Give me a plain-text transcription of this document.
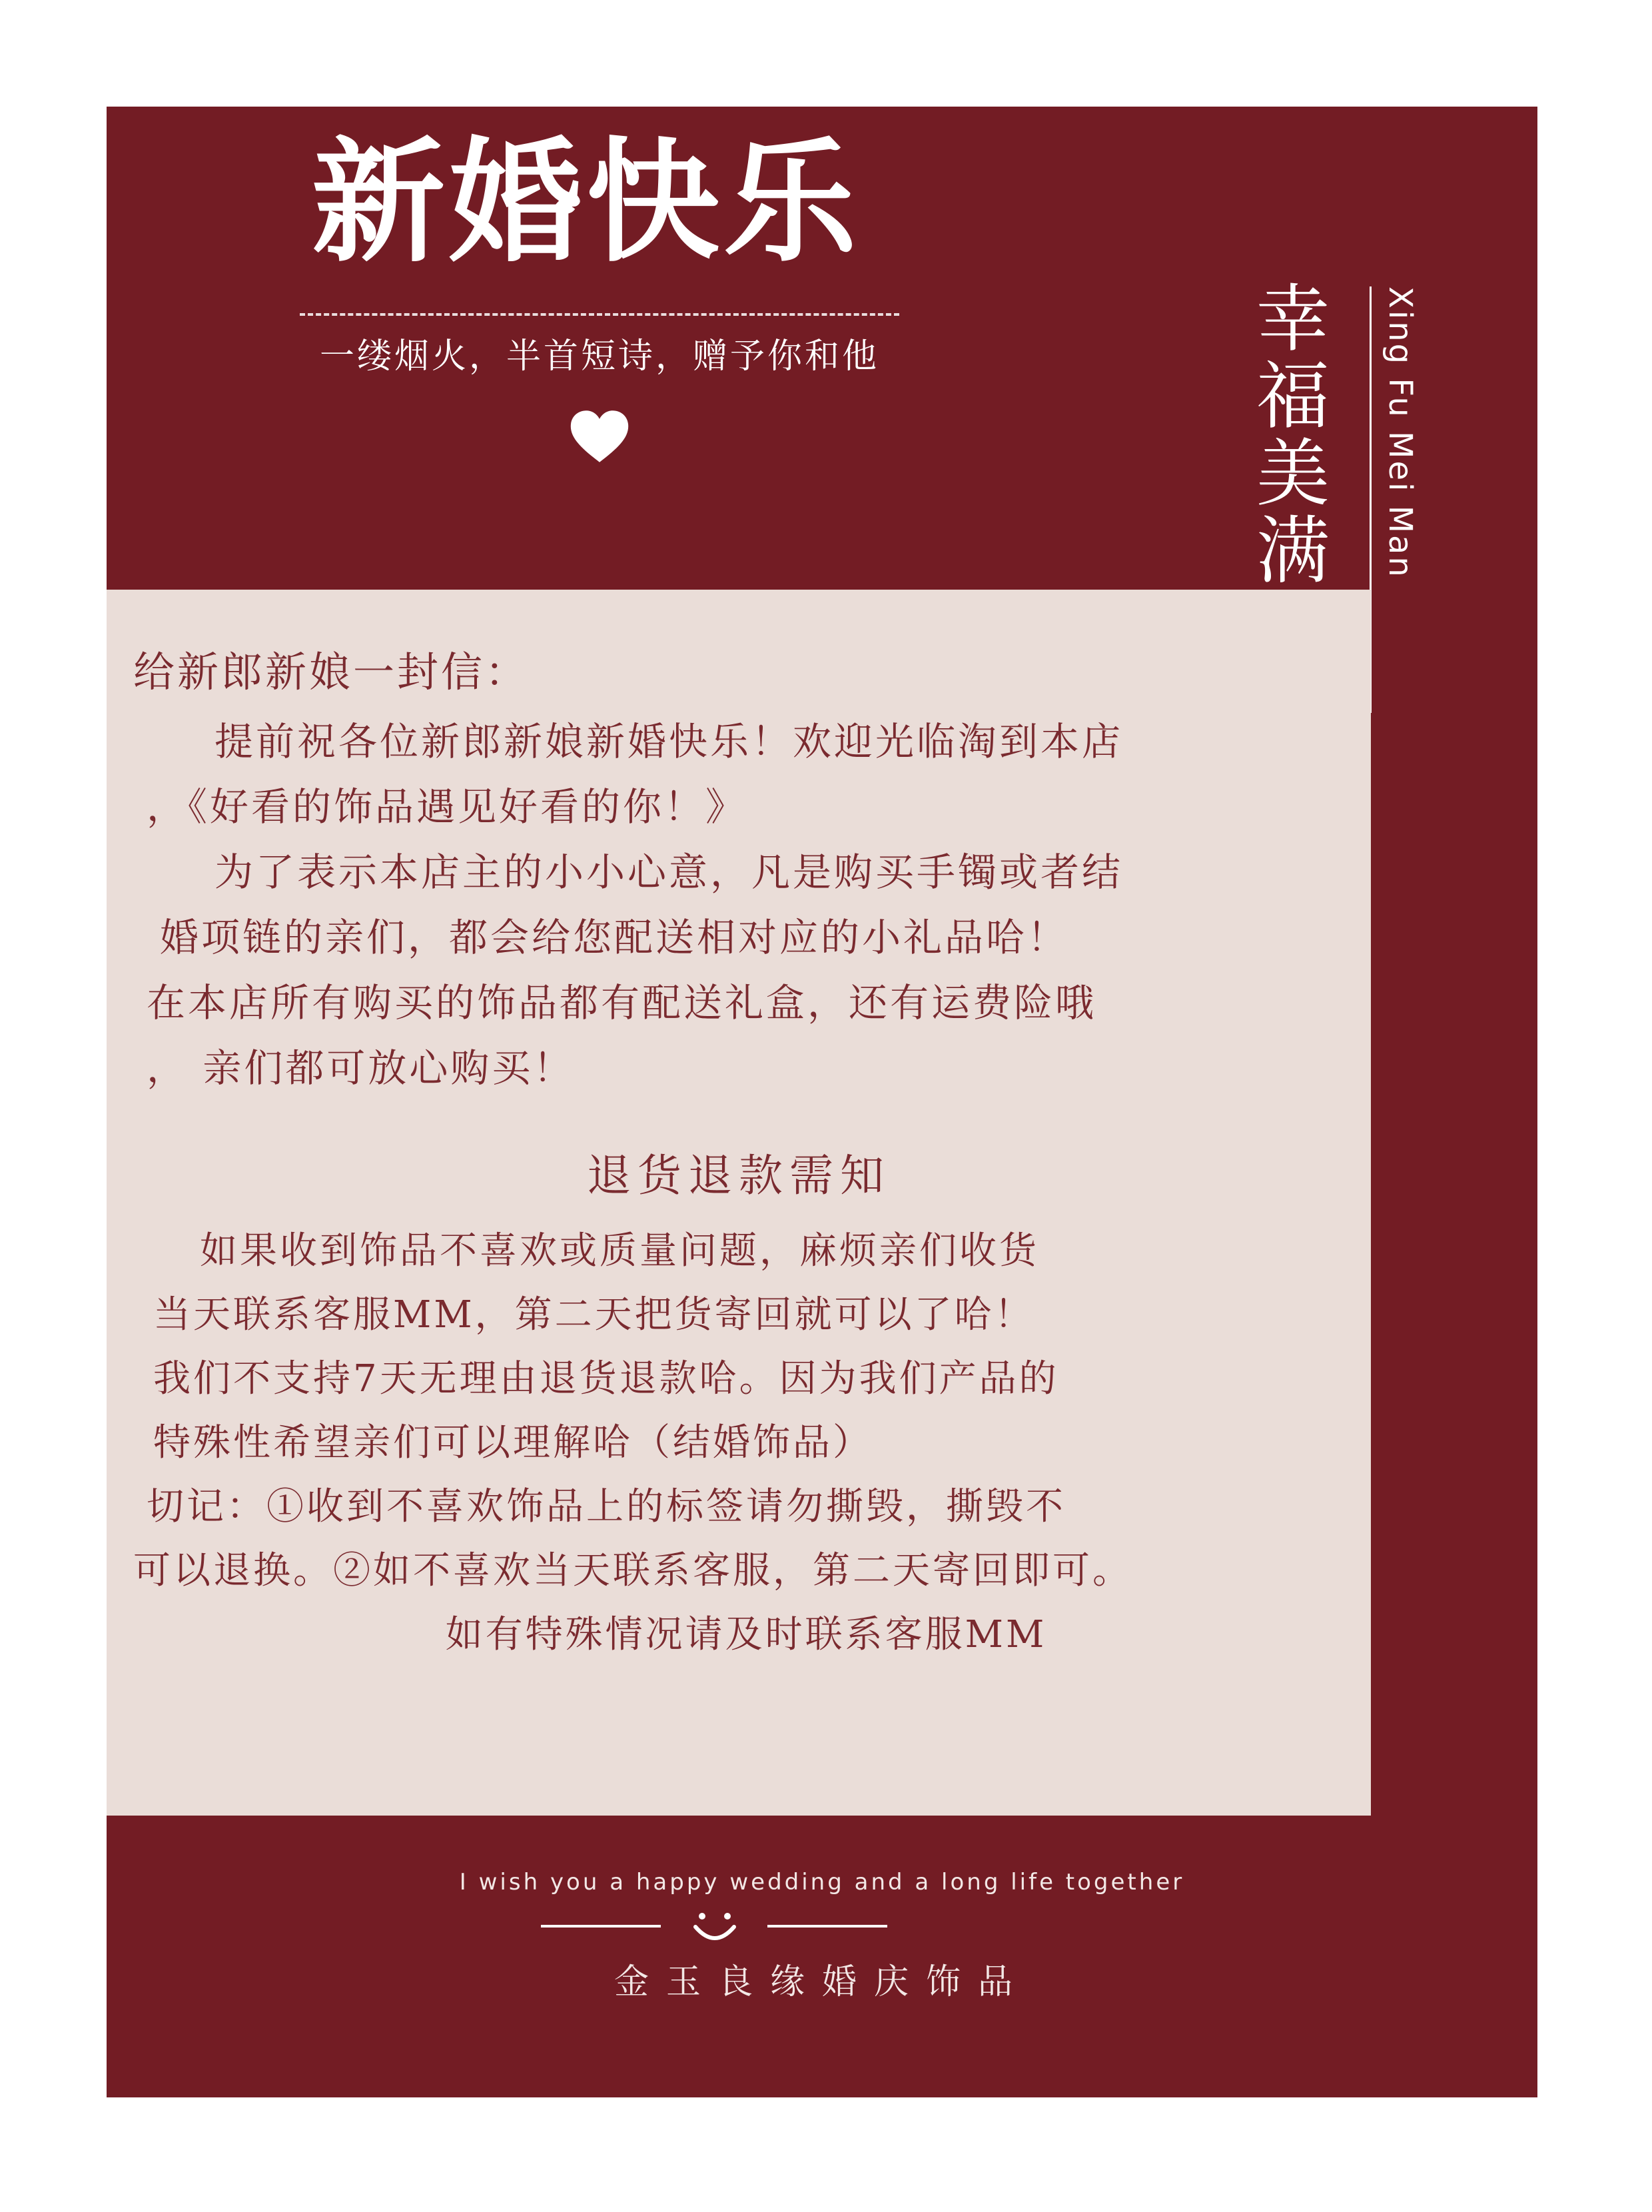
新婚快乐
一缕烟火，半首短诗，赠予你和他	幸福美满 Xing Fu Mei Man

给新郎新娘一封信：

　提前祝各位新郎新娘新婚快乐！欢迎光临淘到本店

，《好看的饰品遇见好看的你！》

　为了表示本店主的小小心意，凡是购买手镯或者结

婚项链的亲们，都会给您配送相对应的小礼品哈！

在本店所有购买的饰品都有配送礼盒，还有运费险哦

， 亲们都可放心购买！

退货退款需知

　如果收到饰品不喜欢或质量问题，麻烦亲们收货

当天联系客服MM，第二天把货寄回就可以了哈！

我们不支持7天无理由退货退款哈。因为我们产品的

特殊性希望亲们可以理解哈（结婚饰品）

切记：①收到不喜欢饰品上的标签请勿撕毁，撕毁不

可以退换。②如不喜欢当天联系客服，第二天寄回即可。

如有特殊情况请及时联系客服MM

I wish you a happy wedding and a long life together
金玉良缘婚庆饰品
